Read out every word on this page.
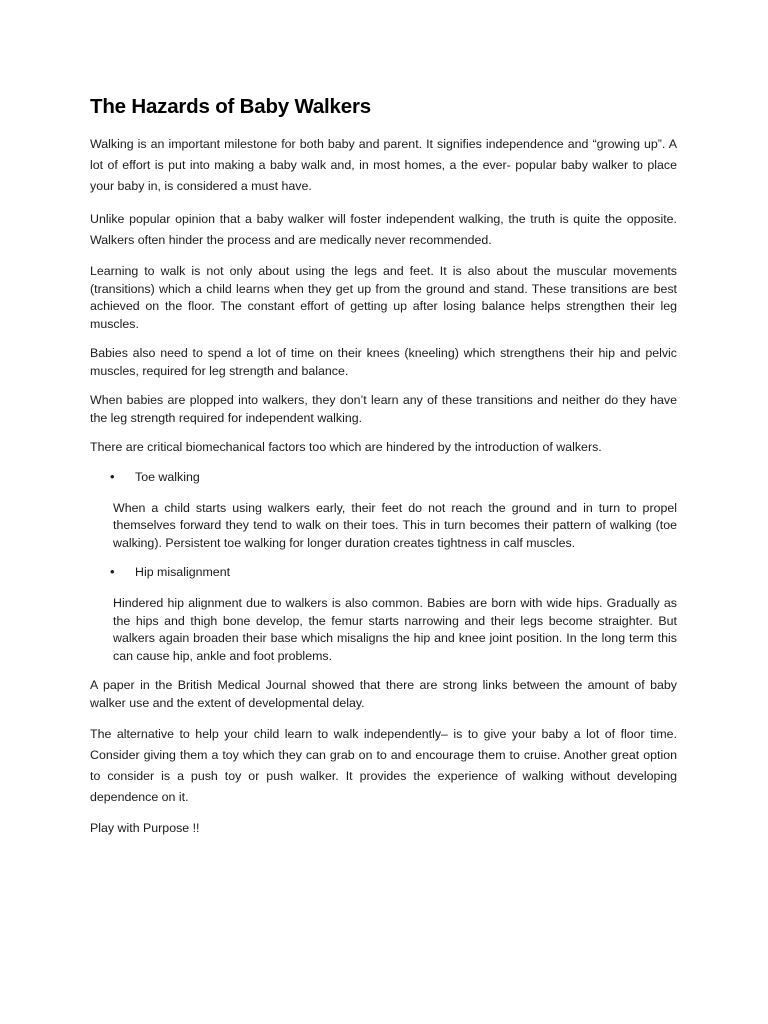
The Hazards of Baby Walkers

Walking is an important milestone for both baby and parent. It signifies independence and “growing up”. A lot of effort is put into making a baby walk and, in most homes, a the ever- popular baby walker to place your baby in, is considered a must have.

Unlike popular opinion that a baby walker will foster independent walking, the truth is quite the opposite. Walkers often hinder the process and are medically never recommended.

Learning to walk is not only about using the legs and feet. It is also about the muscular movements (transitions) which a child learns when they get up from the ground and stand. These transitions are best achieved on the floor. The constant effort of getting up after losing balance helps strengthen their leg muscles.

Babies also need to spend a lot of time on their knees (kneeling) which strengthens their hip and pelvic muscles, required for leg strength and balance.

When babies are plopped into walkers, they don’t learn any of these transitions and neither do they have the leg strength required for independent walking.

There are critical biomechanical factors too which are hindered by the introduction of walkers.

• Toe walking

When a child starts using walkers early, their feet do not reach the ground and in turn to propel themselves forward they tend to walk on their toes. This in turn becomes their pattern of walking (toe walking). Persistent toe walking for longer duration creates tightness in calf muscles.

• Hip misalignment

Hindered hip alignment due to walkers is also common. Babies are born with wide hips. Gradually as the hips and thigh bone develop, the femur starts narrowing and their legs become straighter. But walkers again broaden their base which misaligns the hip and knee joint position. In the long term this can cause hip, ankle and foot problems.

A paper in the British Medical Journal showed that there are strong links between the amount of baby walker use and the extent of developmental delay.

The alternative to help your child learn to walk independently– is to give your baby a lot of floor time. Consider giving them a toy which they can grab on to and encourage them to cruise. Another great option to consider is a push toy or push walker. It provides the experience of walking without developing dependence on it.

Play with Purpose !!
